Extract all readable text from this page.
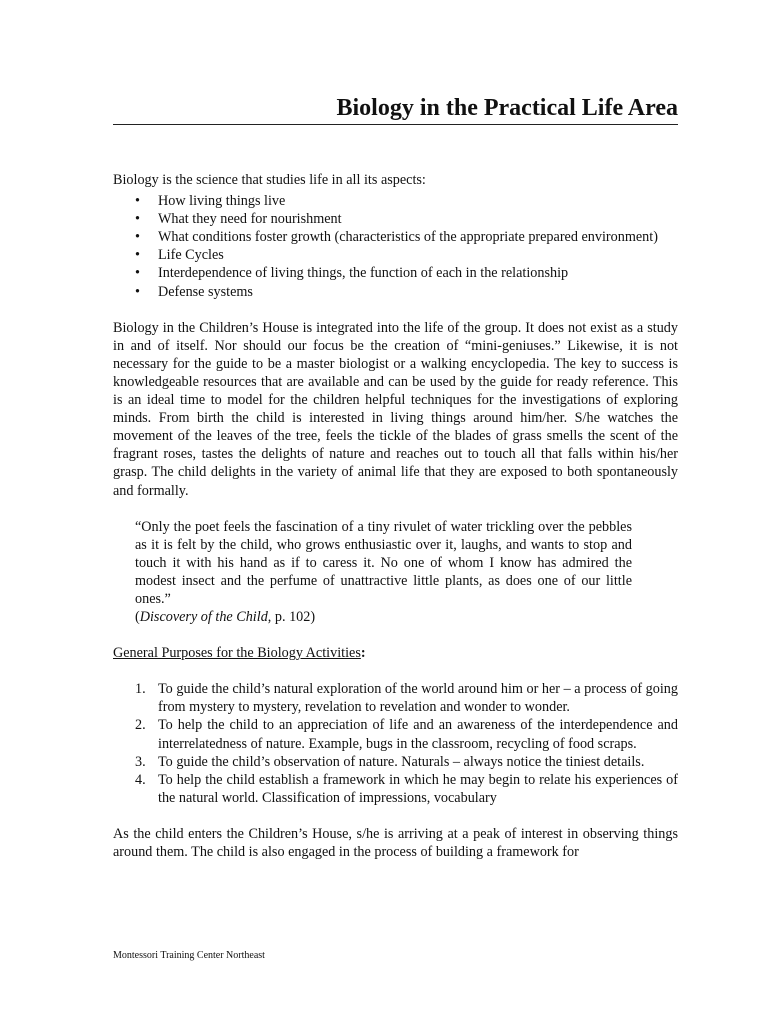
Biology in the Practical Life Area

Biology is the science that studies life in all its aspects:

• How living things live
• What they need for nourishment
• What conditions foster growth (characteristics of the appropriate prepared environment)
• Life Cycles
• Interdependence of living things, the function of each in the relationship
• Defense systems

Biology in the Children’s House is integrated into the life of the group. It does not exist as a study in and of itself. Nor should our focus be the creation of “mini-geniuses.” Likewise, it is not necessary for the guide to be a master biologist or a walking encyclopedia. The key to success is knowledgeable resources that are available and can be used by the guide for ready reference. This is an ideal time to model for the children helpful techniques for the investigations of exploring minds. From birth the child is interested in living things around him/her. S/he watches the movement of the leaves of the tree, feels the tickle of the blades of grass smells the scent of the fragrant roses, tastes the delights of nature and reaches out to touch all that falls within his/her grasp. The child delights in the variety of animal life that they are exposed to both spontaneously and formally.

“Only the poet feels the fascination of a tiny rivulet of water trickling over the pebbles as it is felt by the child, who grows enthusiastic over it, laughs, and wants to stop and touch it with his hand as if to caress it. No one of whom I know has admired the modest insect and the perfume of unattractive little plants, as does one of our little ones.”

(Discovery of the Child, p. 102)

General Purposes for the Biology Activities:

1. To guide the child’s natural exploration of the world around him or her – a process of going from mystery to mystery, revelation to revelation and wonder to wonder.
2. To help the child to an appreciation of life and an awareness of the interdependence and interrelatedness of nature. Example, bugs in the classroom, recycling of food scraps.
3. To guide the child’s observation of nature. Naturals – always notice the tiniest details.
4. To help the child establish a framework in which he may begin to relate his experiences of the natural world. Classification of impressions, vocabulary

As the child enters the Children’s House, s/he is arriving at a peak of interest in observing things around them. The child is also engaged in the process of building a framework for

Montessori Training Center Northeast
